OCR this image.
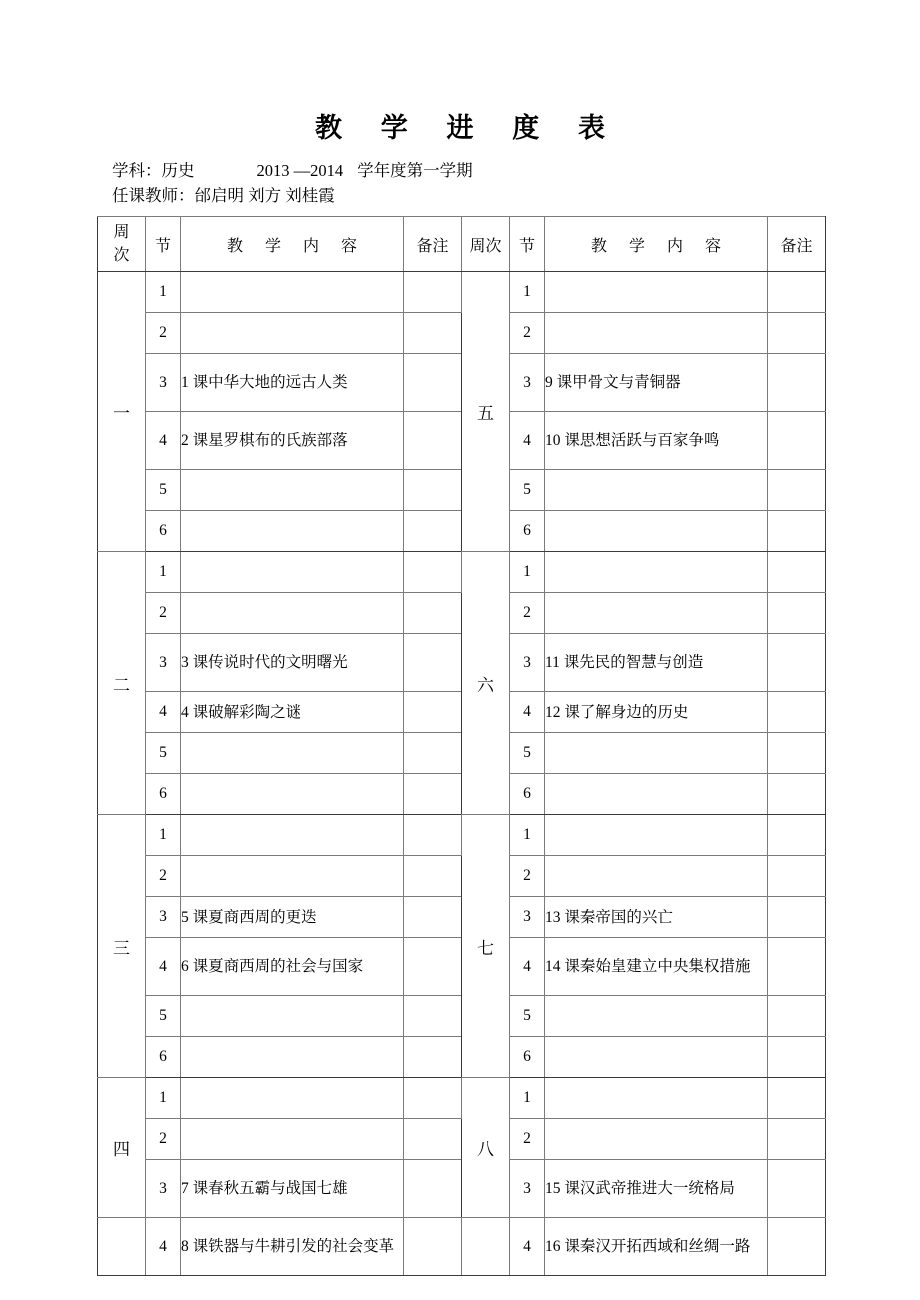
教 学 进 度 表
学科：历史	2013 —2014 学年度第一学期
任课教师：邰启明 刘方 刘桂霞
周
次	节	教 学 内 容	备注	周次	节	教 学 内 容	备注
一	1			五	1		
	2				2		
	3	1 课中华大地的远古人类			3	9 课甲骨文与青铜器	
	4	2 课星罗棋布的氏族部落			4	10 课思想活跃与百家争鸣	
	5				5		
	6				6		
二	1			六	1		
	2				2		
	3	3 课传说时代的文明曙光			3	11 课先民的智慧与创造	
	4	4 课破解彩陶之谜			4	12 课了解身边的历史	
	5				5		
	6				6		
三	1			七	1		
	2				2		
	3	5 课夏商西周的更迭			3	13 课秦帝国的兴亡	
	4	6 课夏商西周的社会与国家			4	14 课秦始皇建立中央集权措施	
	5				5		
	6				6		
四	1			八	1		
	2				2		
	3	7 课春秋五霸与战国七雄			3	15 课汉武帝推进大一统格局	
	4	8 课铁器与牛耕引发的社会变革			4	16 课秦汉开拓西域和丝绸一路	
